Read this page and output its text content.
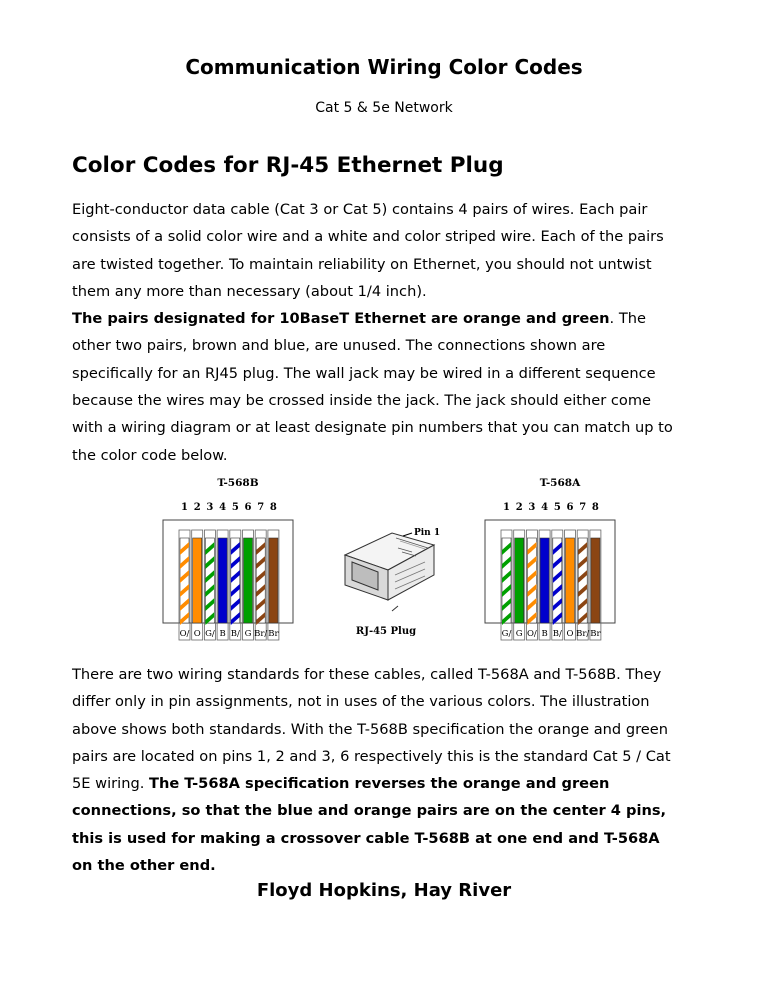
Communication Wiring Color Codes
Cat 5 & 5e Network
Color Codes for RJ-45 Ethernet Plug
Eight-conductor data cable (Cat 3 or Cat 5) contains 4 pairs of wires. Each pair
consists of a solid color wire and a white and color striped wire. Each of the pairs
are twisted together. To maintain reliability on Ethernet, you should not untwist
them any more than necessary (about 1/4 inch).
The pairs designated for 10BaseT Ethernet are orange and green. The
other two pairs, brown and blue, are unused. The connections shown are
specifically for an RJ45 plug. The wall jack may be wired in a different sequence
because the wires may be crossed inside the jack. The jack should either come
with a wiring diagram or at least designate pin numbers that you can match up to
the color code below.
T-568B
1
O/
2
O
3
G/
4
B
5
B/
6
G
7
Br/
8
Br
T-568A
1
G/
2
G
3
O/
4
B
5
B/
6
O
7
Br/
8
Br
Pin 1
RJ-45 Plug
There are two wiring standards for these cables, called T-568A and T-568B. They
differ only in pin assignments, not in uses of the various colors. The illustration
above shows both standards. With the T-568B specification the orange and green
pairs are located on pins 1, 2 and 3, 6 respectively this is the standard Cat 5 / Cat
5E wiring. The T-568A specification reverses the orange and green
connections, so that the blue and orange pairs are on the center 4 pins,
this is used for making a crossover cable T-568B at one end and T-568A
on the other end.
Floyd Hopkins, Hay River
